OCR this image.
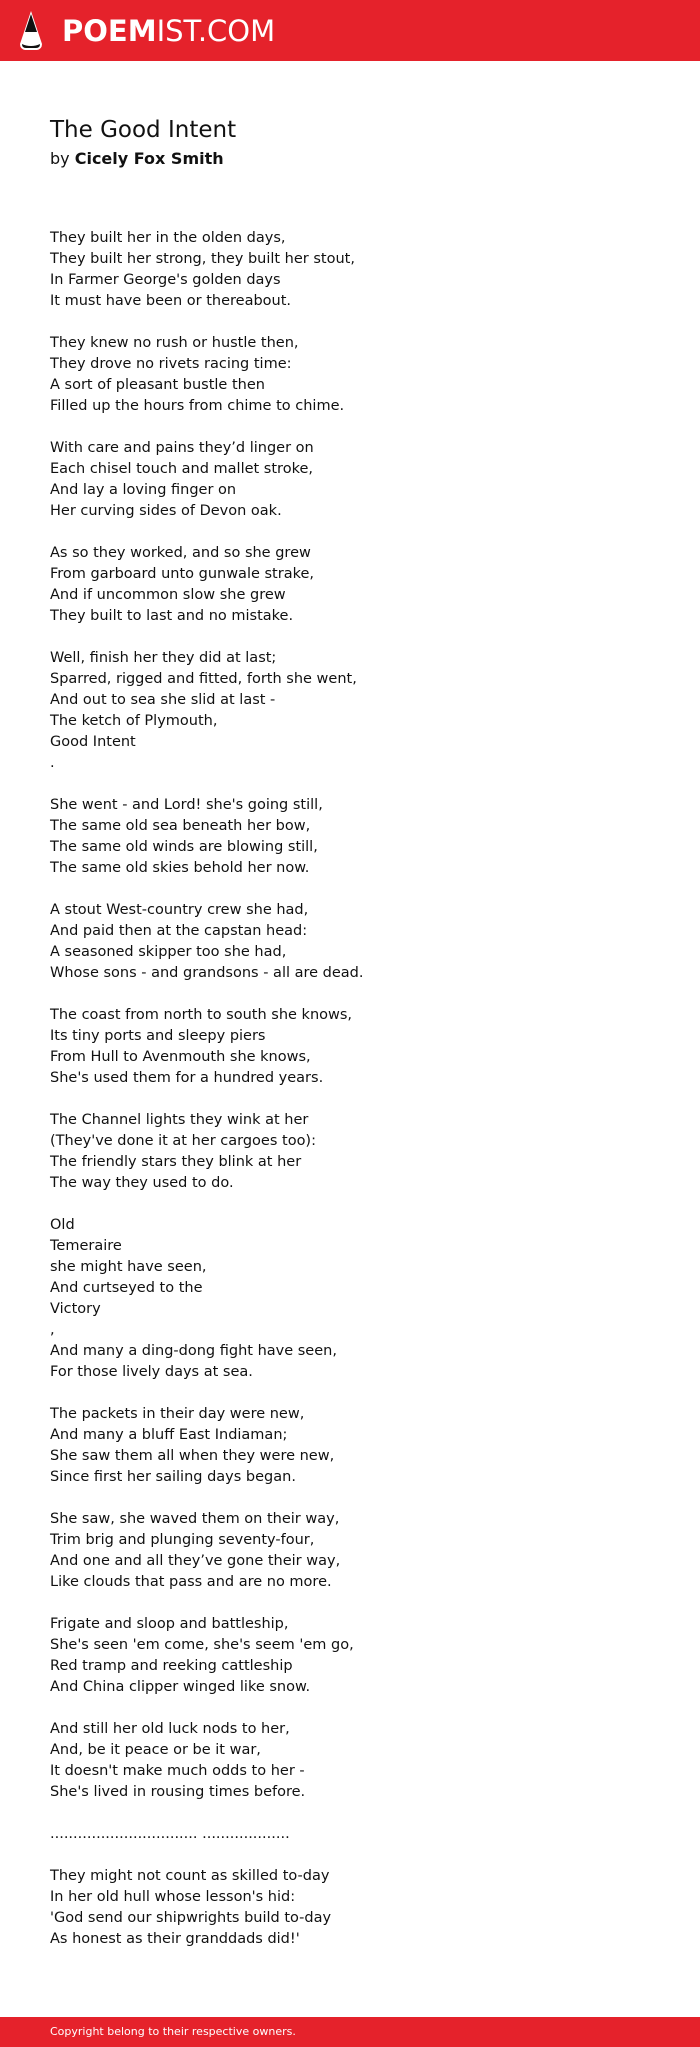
POEMIST.COM
The Good Intent

by Cicely Fox Smith

They built her in the olden days,
They built her strong, they built her stout,
In Farmer George's golden days
It must have been or thereabout.
They knew no rush or hustle then,
They drove no rivets racing time:
A sort of pleasant bustle then
Filled up the hours from chime to chime.
With care and pains they’d linger on
Each chisel touch and mallet stroke,
And lay a loving finger on
Her curving sides of Devon oak.
As so they worked, and so she grew
From garboard unto gunwale strake,
And if uncommon slow she grew
They built to last and no mistake.
Well, finish her they did at last;
Sparred, rigged and fitted, forth she went,
And out to sea she slid at last -
The ketch of Plymouth,
Good Intent
.
She went - and Lord! she's going still,
The same old sea beneath her bow,
The same old winds are blowing still,
The same old skies behold her now.
A stout West-country crew she had,
And paid then at the capstan head:
A seasoned skipper too she had,
Whose sons - and grandsons - all are dead.
The coast from north to south she knows,
Its tiny ports and sleepy piers
From Hull to Avenmouth she knows,
She's used them for a hundred years.
The Channel lights they wink at her
(They've done it at her cargoes too):
The friendly stars they blink at her
The way they used to do.
Old
Temeraire
she might have seen,
And curtseyed to the
Victory
,
And many a ding-dong fight have seen,
For those lively days at sea.
The packets in their day were new,
And many a bluff East Indiaman;
She saw them all when they were new,
Since first her sailing days began.
She saw, she waved them on their way,
Trim brig and plunging seventy-four,
And one and all they’ve gone their way,
Like clouds that pass and are no more.
Frigate and sloop and battleship,
She's seen 'em come, she's seem 'em go,
Red tramp and reeking cattleship
And China clipper winged like snow.
And still her old luck nods to her,
And, be it peace or be it war,
It doesn't make much odds to her -
She's lived in rousing times before.
................................ ...................
They might not count as skilled to-day
In her old hull whose lesson's hid:
'God send our shipwrights build to-day
As honest as their granddads did!'
Copyright belong to their respective owners.
